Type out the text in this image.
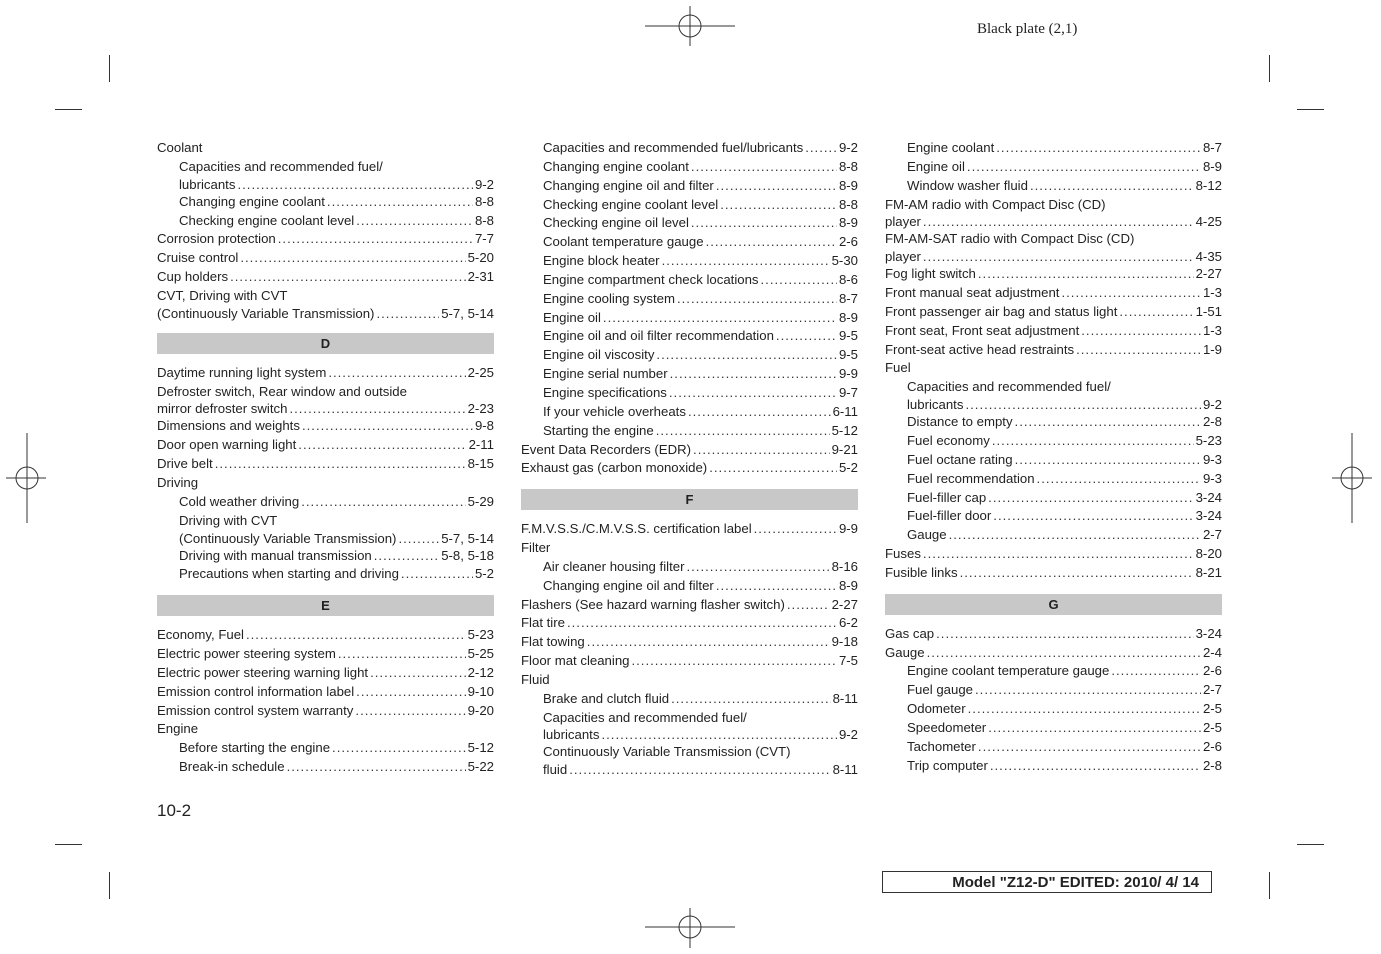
Black plate (2,1)
Coolant
Capacities and recommended fuel/
lubricants .....	9-2
Changing engine coolant .....	8-8
Checking engine coolant level .....	8-8
Corrosion protection .....	7-7
Cruise control .....	5-20
Cup holders .....	2-31
CVT, Driving with CVT
(Continuously Variable Transmission) .....	5-7, 5-14
D
Daytime running light system .....	2-25
Defroster switch, Rear window and outside
mirror defroster switch .....	2-23
Dimensions and weights .....	9-8
Door open warning light .....	2-11
Drive belt .....	8-15
Driving
Cold weather driving .....	5-29
Driving with CVT
(Continuously Variable Transmission) .....	5-7, 5-14
Driving with manual transmission .....	5-8, 5-18
Precautions when starting and driving .....	5-2
E
Economy, Fuel .....	5-23
Electric power steering system .....	5-25
Electric power steering warning light .....	2-12
Emission control information label .....	9-10
Emission control system warranty .....	9-20
Engine
Before starting the engine .....	5-12
Break-in schedule .....	5-22
Capacities and recommended fuel/lubricants .....	9-2
Changing engine coolant .....	8-8
Changing engine oil and filter .....	8-9
Checking engine coolant level .....	8-8
Checking engine oil level .....	8-9
Coolant temperature gauge .....	2-6
Engine block heater .....	5-30
Engine compartment check locations .....	8-6
Engine cooling system .....	8-7
Engine oil .....	8-9
Engine oil and oil filter recommendation .....	9-5
Engine oil viscosity .....	9-5
Engine serial number .....	9-9
Engine specifications .....	9-7
If your vehicle overheats .....	6-11
Starting the engine .....	5-12
Event Data Recorders (EDR) .....	9-21
Exhaust gas (carbon monoxide) .....	5-2
F
F.M.V.S.S./C.M.V.S.S. certification label .....	9-9
Filter
Air cleaner housing filter .....	8-16
Changing engine oil and filter .....	8-9
Flashers (See hazard warning flasher switch) .....	2-27
Flat tire .....	6-2
Flat towing .....	9-18
Floor mat cleaning .....	7-5
Fluid
Brake and clutch fluid .....	8-11
Capacities and recommended fuel/
lubricants .....	9-2
Continuously Variable Transmission (CVT)
fluid .....	8-11
Engine coolant .....	8-7
Engine oil .....	8-9
Window washer fluid .....	8-12
FM-AM radio with Compact Disc (CD)
player .....	4-25
FM-AM-SAT radio with Compact Disc (CD)
player .....	4-35
Fog light switch .....	2-27
Front manual seat adjustment .....	1-3
Front passenger air bag and status light .....	1-51
Front seat, Front seat adjustment .....	1-3
Front-seat active head restraints .....	1-9
Fuel
Capacities and recommended fuel/
lubricants .....	9-2
Distance to empty .....	2-8
Fuel economy .....	5-23
Fuel octane rating .....	9-3
Fuel recommendation .....	9-3
Fuel-filler cap .....	3-24
Fuel-filler door .....	3-24
Gauge .....	2-7
Fuses .....	8-20
Fusible links .....	8-21
G
Gas cap .....	3-24
Gauge .....	2-4
Engine coolant temperature gauge .....	2-6
Fuel gauge .....	2-7
Odometer .....	2-5
Speedometer .....	2-5
Tachometer .....	2-6
Trip computer .....	2-8
10-2
Model "Z12-D" EDITED: 2010/ 4/ 14
